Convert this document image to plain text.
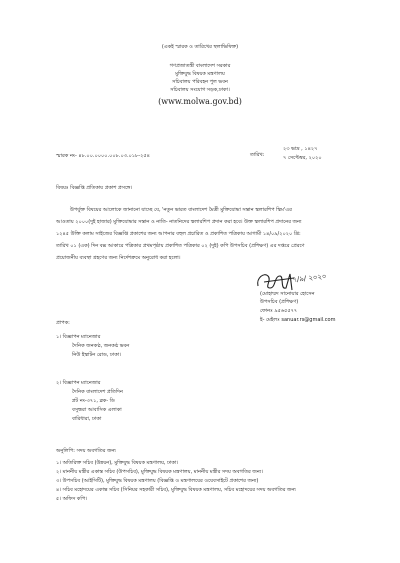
(একই স্মারক ও তারিখের স্থলাভিষিক্ত)
গণপ্রজাতন্ত্রী বাংলাদেশ সরকার
মুক্তিযুদ্ধ বিষয়ক মন্ত্রণালয়
সচিবালয় পরিবহন পুল ভবন
সচিবালয় সংযোগ সড়ক,ঢাকা।
(www.molwa.gov.bd)
স্মারক নং- ৪৮.০০.০০০০.০০৮.০৩.০১৮-২৫৪	তারিখ:
২৩ ভাদ্র , ১৪২৭
৭ সেপ্টেম্বর, ২০২০
বিষয়ঃ বিজ্ঞপ্তি প্রতিকায় প্রকাশ প্রসঙ্গে।
উপর্যুক্ত বিষয়ের আলোকে জানানো যাচ্ছে যে, 'নতুন ভারত বাংলাদেশ মৈত্রী মুক্তিযোদ্ধা সন্তান স্কলারশিপ স্কিম'এর
আওতায় ২০০০(দুই হাজার) মুক্তিযোদ্ধার সন্তান ও নাতি- নাতনিদের স্কলারশিপ প্রদান করা হবে। উক্ত স্কলারশিপ প্রদানের জন্য
১২৪৫ উক্তি কলাম সাইজের বিজ্ঞপ্তি প্রকাশের জন্য আপনার বহুল প্রচারিত ও প্রকাশিত পত্রিকায় আগামী ১৪/০৯/২০২০ খ্রি:
তারিখ ০১ (এক) দিন বক্স আকারে পত্রিকার প্রথমপৃষ্ঠায় প্রকাশিত পত্রিকার ০২ (দুই) কপি উপসচিব (প্রশিক্ষণ) এর দপ্তরে প্রেরণে
প্রয়োজনীয় ব্যবস্থা গ্রহণের জন্য নির্দেশক্রমে অনুরোধ করা হলো।
৭/৯/ ২০২০
(মোহাম্মদ সানোয়ার হোসেন
উপসচিব (প্রশিক্ষণ)
ফোনঃ ৯৫৬৫৫৭৭
ই- মেইলঃ sanuar.rs@gmail.com
প্রাপক:
১। বিজ্ঞাপন ম্যানেজার
দৈনিক জনকণ্ঠ, জনকণ্ঠ ভবন
নিউ ইস্কাটন রোড, ঢাকা।
২। বিজ্ঞাপন ম্যানেজার
দৈনিক বাংলাদেশ প্রতিদিন
প্লট নং-৩৭১, ব্লক- ডি
বসুন্ধরা আবাসিক এলাকা
বারিধারা, ঢাকা
অনুলিপি: সদয় অবগতির জন্য
১। অতিরিক্ত সচিব (উন্নয়ন), মুক্তিযুদ্ধ বিষয়ক মন্ত্রণালয়, ঢাকা।
২। মাননীয় মন্ত্রীর একান্ত সচিব (উপসচিব), মুক্তিযুদ্ধ বিষয়ক মন্ত্রণালয়, মাননীয় মন্ত্রীর সদয় অবগতির জন্য।
৩। উপসচিব (আইসিটি), মুক্তিযুদ্ধ বিষয়ক মন্ত্রণালয় (বিজ্ঞপ্তি ও মন্ত্রণালয়ের ওয়েবসাইটে প্রকাশের জন্য)
৪। সচিব মহোদয়ের একান্ত সচিব (সিনিয়র সহকারী সচিব), মুক্তিযুদ্ধ বিষয়ক মন্ত্রণালয়, সচিব মহোদয়ের সদয় অবগতির জন্য
৫। অফিস কপি।
